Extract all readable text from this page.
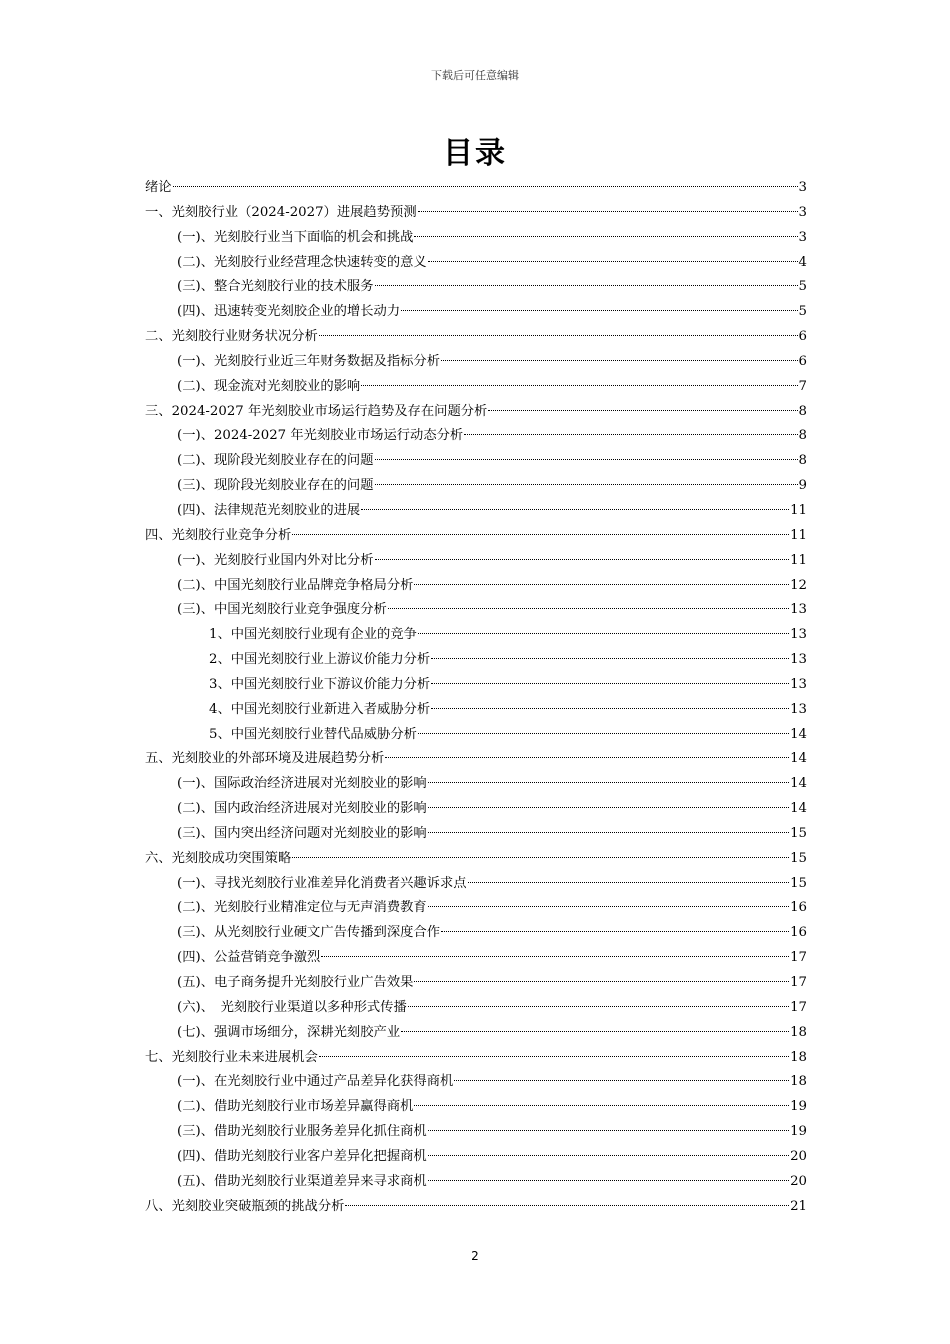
下载后可任意编辑
目录
绪论	3
一、光刻胶行业（2024-2027）进展趋势预测	3
(一)、光刻胶行业当下面临的机会和挑战	3
(二)、光刻胶行业经营理念快速转变的意义	4
(三)、整合光刻胶行业的技术服务	5
(四)、迅速转变光刻胶企业的增长动力	5
二、光刻胶行业财务状况分析	6
(一)、光刻胶行业近三年财务数据及指标分析	6
(二)、现金流对光刻胶业的影响	7
三、2024-2027 年光刻胶业市场运行趋势及存在问题分析	8
(一)、2024-2027 年光刻胶业市场运行动态分析	8
(二)、现阶段光刻胶业存在的问题	8
(三)、现阶段光刻胶业存在的问题	9
(四)、法律规范光刻胶业的进展	11
四、光刻胶行业竞争分析	11
(一)、光刻胶行业国内外对比分析	11
(二)、中国光刻胶行业品牌竞争格局分析	12
(三)、中国光刻胶行业竞争强度分析	13
1、中国光刻胶行业现有企业的竞争	13
2、中国光刻胶行业上游议价能力分析	13
3、中国光刻胶行业下游议价能力分析	13
4、中国光刻胶行业新进入者威胁分析	13
5、中国光刻胶行业替代品威胁分析	14
五、光刻胶业的外部环境及进展趋势分析	14
(一)、国际政治经济进展对光刻胶业的影响	14
(二)、国内政治经济进展对光刻胶业的影响	14
(三)、国内突出经济问题对光刻胶业的影响	15
六、光刻胶成功突围策略	15
(一)、寻找光刻胶行业准差异化消费者兴趣诉求点	15
(二)、光刻胶行业精准定位与无声消费教育	16
(三)、从光刻胶行业硬文广告传播到深度合作	16
(四)、公益营销竞争激烈	17
(五)、电子商务提升光刻胶行业广告效果	17
(六)、　光刻胶行业渠道以多种形式传播	17
(七)、强调市场细分，深耕光刻胶产业	18
七、光刻胶行业未来进展机会	18
(一)、在光刻胶行业中通过产品差异化获得商机	18
(二)、借助光刻胶行业市场差异赢得商机	19
(三)、借助光刻胶行业服务差异化抓住商机	19
(四)、借助光刻胶行业客户差异化把握商机	20
(五)、借助光刻胶行业渠道差异来寻求商机	20
八、光刻胶业突破瓶颈的挑战分析	21
2
